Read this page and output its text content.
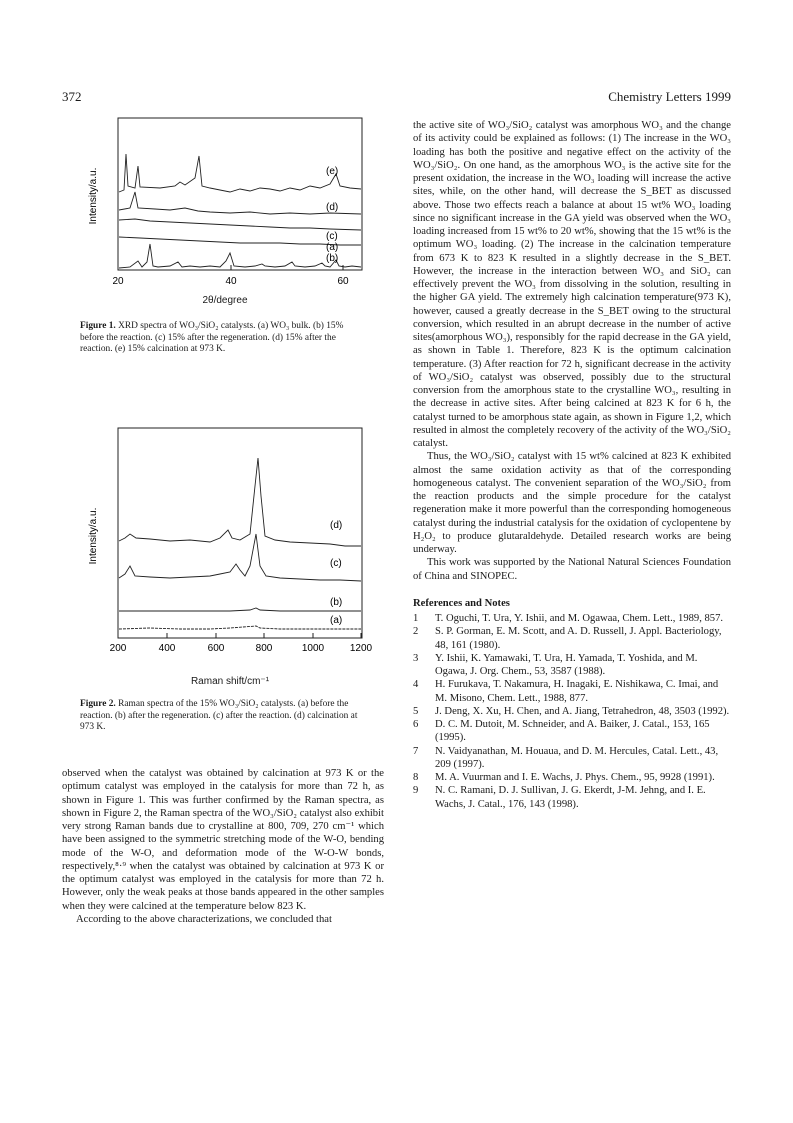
372	Chemistry Letters 1999
(e)
(d)
(c)
(b)
(a)
20	40	60
Intensity/a.u.
2θ/degree
Figure 1. XRD spectra of WO₃/SiO₂ catalysts. (a) WO₃ bulk. (b) 15% before the reaction. (c) 15% after the regeneration. (d) 15% after the reaction. (e) 15% calcination at 973 K.
(d)
(c)
(b)
(a)
200	400	600	800	1000	1200
Intensity/a.u.
Raman shift/cm⁻¹
Figure 2. Raman spectra of the 15% WO₃/SiO₂ catalysts. (a) before the reaction. (b) after the regeneration. (c) after the reaction. (d) calcination at 973 K.

observed when the catalyst was obtained by calcination at 973 K or the optimum catalyst was employed in the catalysis for more than 72 h, as shown in Figure 1. This was further confirmed by the Raman spectra, as shown in Figure 2, the Raman spectra of the WO₃/SiO₂ catalyst also exhibit very strong Raman bands due to crystalline at 800, 709, 270 cm⁻¹ which have been assigned to the symmetric stretching mode of the W-O, bending mode of the W-O, and deformation mode of the W-O-W bonds, respectively,⁸·⁹ when the catalyst was obtained by calcination at 973 K or the optimum catalyst was employed in the catalysis for more than 72 h. However, only the weak peaks at those bands appeared in the other samples when they were calcined at the temperature below 823 K.

According to the above characterizations, we concluded that

the active site of WO₃/SiO₂ catalyst was amorphous WO₃ and the change of its activity could be explained as follows: (1) The increase in the WO₃ loading has both the positive and negative effect on the activity of the WO₃/SiO₂. On one hand, as the amorphous WO₃ is the active site for the present oxidation, the increase in the WO₃ loading will increase the active sites, while, on the other hand, will decrease the S_BET as discussed above. Those two effects reach a balance at about 15 wt% WO₃ loading since no significant increase in the GA yield was observed when the WO₃ loading increased from 15 wt% to 20 wt%, showing that the 15 wt% is the optimum WO₃ loading. (2) The increase in the calcination temperature from 673 K to 823 K resulted in a slightly decrease in the S_BET. However, the increase in the interaction between WO₃ and SiO₂ can effectively prevent the WO₃ from dissolving in the solution, resulting in the higher GA yield. The extremely high calcination temperature(973 K), however, caused a greatly decrease in the S_BET owing to the structural conversion, which resulted in an abrupt decrease in the number of active sites(amorphous WO₃), responsibly for the rapid decrease in the GA yield, as shown in Table 1. Therefore, 823 K is the optimum calcination temperature. (3) After reaction for 72 h, significant decrease in the activity of WO₃/SiO₂ catalyst was observed, possibly due to the structural conversion from the amorphous state to the crystalline WO₃, resulting in the decrease in active sites. After being calcined at 823 K for 6 h, the catalyst turned to be amorphous state again, as shown in Figure 1,2, which resulted in almost the completely recovery of the activity of the WO₃/SiO₂ catalyst.

Thus, the WO₃/SiO₂ catalyst with 15 wt% calcined at 823 K exhibited almost the same oxidation activity as that of the corresponding homogeneous catalyst. The convenient separation of the WO₃/SiO₂ from the reaction products and the simple procedure for the catalyst regeneration make it more powerful than the corresponding homogeneous catalyst during the industrial catalysis for the oxidation of cyclopentene by H₂O₂ to produce glutaraldehyde. Detailed research works are being underway.

This work was supported by the National Natural Sciences Foundation of China and SINOPEC.

References and Notes
1	T. Oguchi, T. Ura, Y. Ishii, and M. Ogawaa, Chem. Lett., 1989, 857.
2	S. P. Gorman, E. M. Scott, and A. D. Russell, J. Appl. Bacteriology, 48, 161 (1980).
3	Y. Ishii, K. Yamawaki, T. Ura, H. Yamada, T. Yoshida, and M. Ogawa, J. Org. Chem., 53, 3587 (1988).
4	H. Furukava, T. Nakamura, H. Inagaki, E. Nishikawa, C. Imai, and M. Misono, Chem. Lett., 1988, 877.
5	J. Deng, X. Xu, H. Chen, and A. Jiang, Tetrahedron, 48, 3503 (1992).
6	D. C. M. Dutoit, M. Schneider, and A. Baiker, J. Catal., 153, 165 (1995).
7	N. Vaidyanathan, M. Houaua, and D. M. Hercules, Catal. Lett., 43, 209 (1997).
8	M. A. Vuurman and I. E. Wachs, J. Phys. Chem., 95, 9928 (1991).
9	N. C. Ramani, D. J. Sullivan, J. G. Ekerdt, J-M. Jehng, and I. E. Wachs, J. Catal., 176, 143 (1998).
